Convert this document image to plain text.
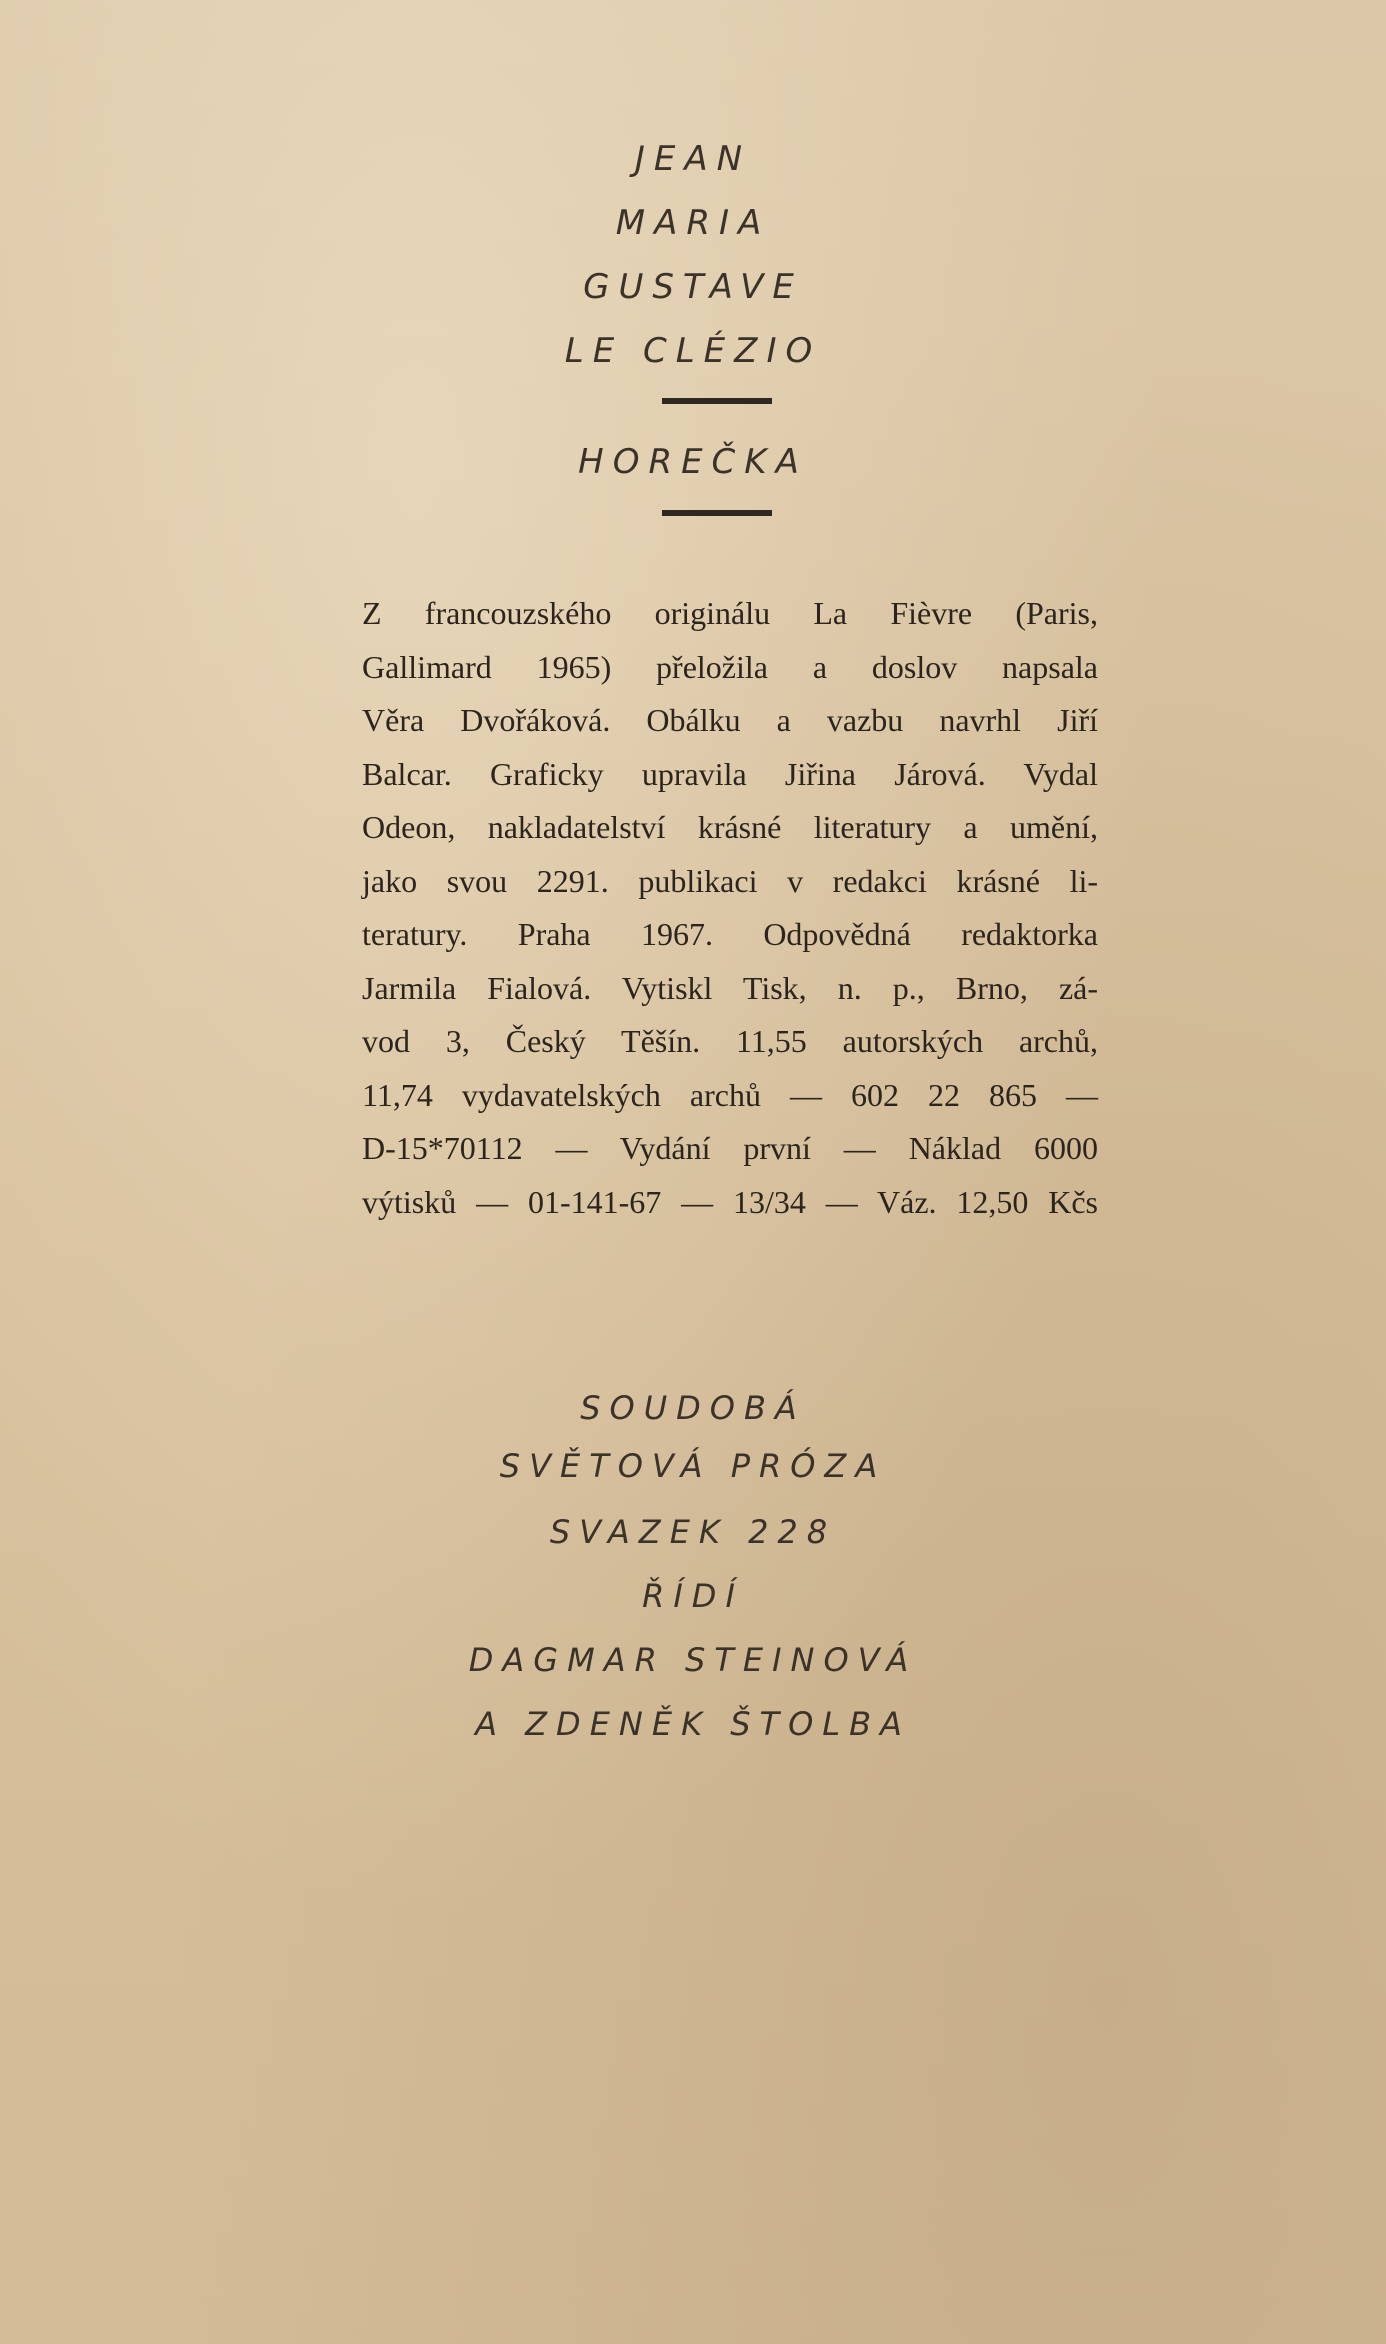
JEAN
MARIA
GUSTAVE
LE CLÉZIO
HOREČKA
Z francouzského originálu La Fièvre (Paris,
Gallimard 1965) přeložila a doslov napsala
Věra Dvořáková. Obálku a vazbu navrhl Jiří
Balcar. Graficky upravila Jiřina Járová. Vydal
Odeon, nakladatelství krásné literatury a umění,
jako svou 2291. publikaci v redakci krásné li-
teratury. Praha 1967. Odpovědná redaktorka
Jarmila Fialová. Vytiskl Tisk, n. p., Brno, zá-
vod 3, Český Těšín. 11,55 autorských archů,
11,74 vydavatelských archů — 602 22 865 —
D-15*70112 — Vydání první — Náklad 6000
výtisků — 01-141-67 — 13/34 — Váz. 12,50 Kčs
SOUDOBÁ
SVĚTOVÁ PRÓZA
SVAZEK 228
ŘÍDÍ
DAGMAR STEINOVÁ
A ZDENĚK ŠTOLBA
